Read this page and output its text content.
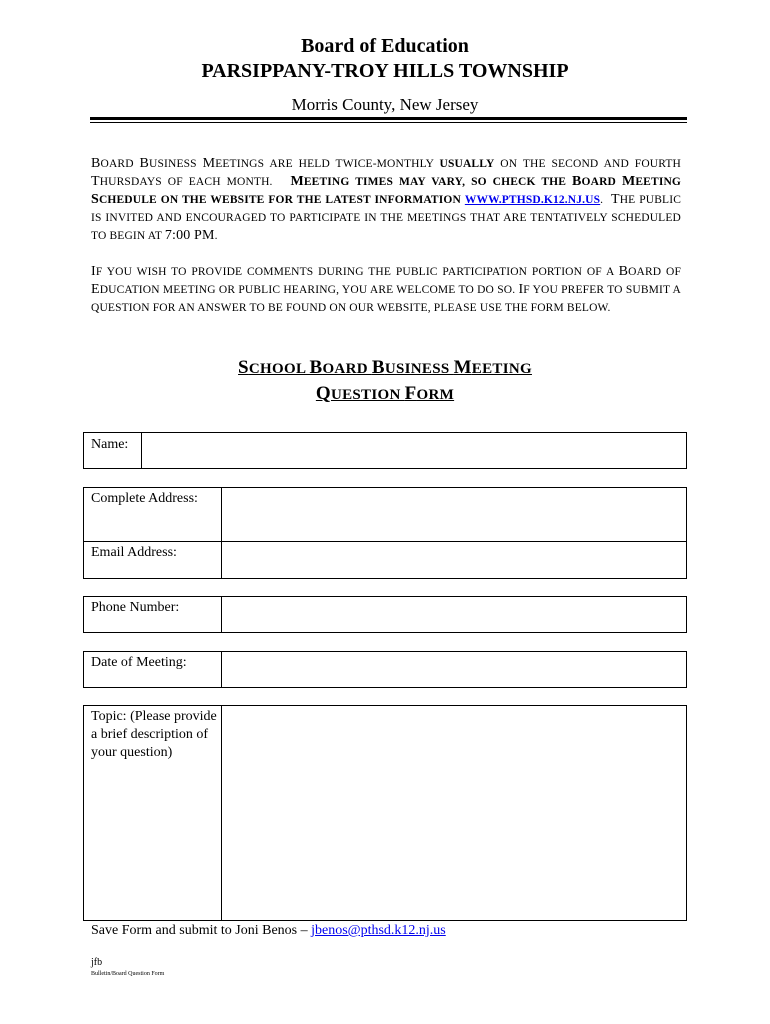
Board of Education
PARSIPPANY-TROY HILLS TOWNSHIP
Morris County, New Jersey
BOARD BUSINESS MEETINGS ARE HELD TWICE-MONTHLY USUALLY ON THE SECOND AND FOURTH THURSDAYS OF EACH MONTH. MEETING TIMES MAY VARY, SO CHECK THE BOARD MEETING SCHEDULE ON THE WEBSITE FOR THE LATEST INFORMATION WWW.PTHSD.K12.NJ.US.  THE PUBLIC IS INVITED AND ENCOURAGED TO PARTICIPATE IN THE MEETINGS THAT ARE TENTATIVELY SCHEDULED TO BEGIN AT 7:00 PM.
IF YOU WISH TO PROVIDE COMMENTS DURING THE PUBLIC PARTICIPATION PORTION OF A BOARD OF EDUCATION MEETING OR PUBLIC HEARING, YOU ARE WELCOME TO DO SO. IF YOU PREFER TO SUBMIT A QUESTION FOR AN ANSWER TO BE FOUND ON OUR WEBSITE, PLEASE USE THE FORM BELOW.
SCHOOL BOARD BUSINESS MEETING
QUESTION FORM
Name:
Complete Address:
Email Address:
Phone Number:
Date of Meeting:
Topic: (Please provide a brief description of your question)
Save Form and submit to Joni Benos – jbenos@pthsd.k12.nj.us
jfb
Bulletin/Board Question Form
